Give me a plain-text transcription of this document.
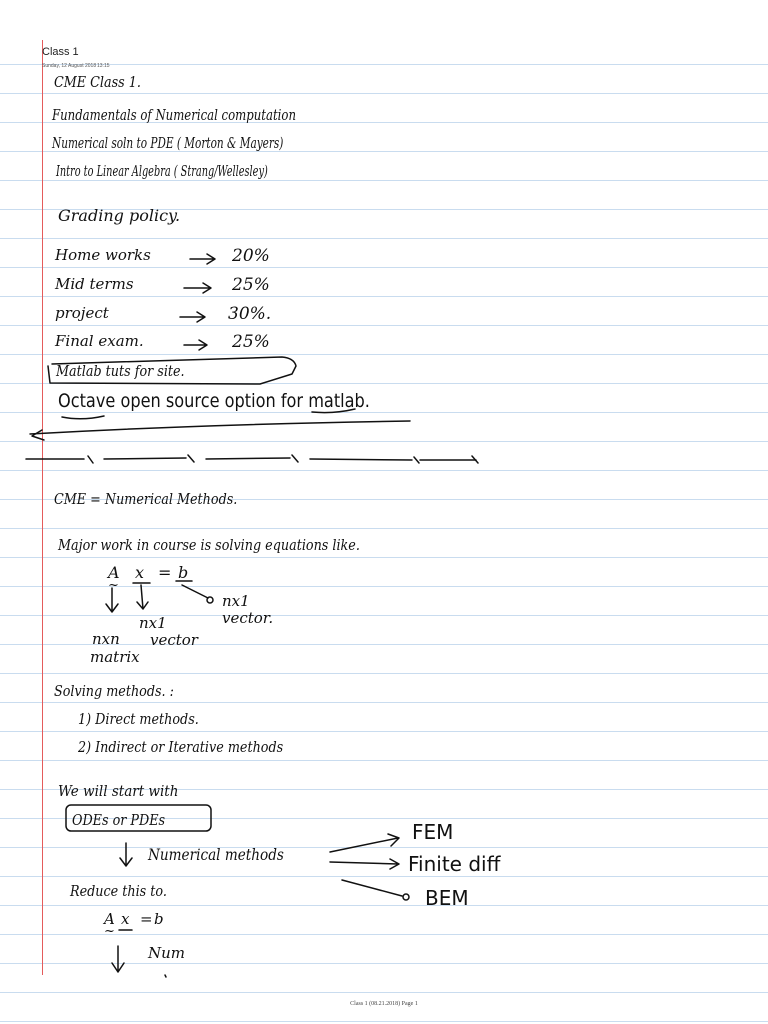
Class 1
Sunday, 12 August 2018 13:15
CME Class 1.
Fundamentals of Numerical computation
Numerical soln to PDE ( Morton & Mayers)
Intro to Linear Algebra ( Strang/Wellesley)
Grading policy.
Home works	20%
Mid terms	25%
project	30%.
Final exam.	25%
Matlab tuts for site.
Octave open source option for matlab.
CME = Numerical Methods.
Major work in course is solving equations like.
A
~
x = b
nx1
vector.
nx1
vector
nxn
matrix
Solving methods. :
1) Direct methods.
2) Indirect or Iterative methods
We will start with
ODEs or PDEs
Numerical methods
FEM
Finite diff
BEM
Reduce this to.
A
~
x = b
Num
Class 1 (08.21.2018) Page 1
